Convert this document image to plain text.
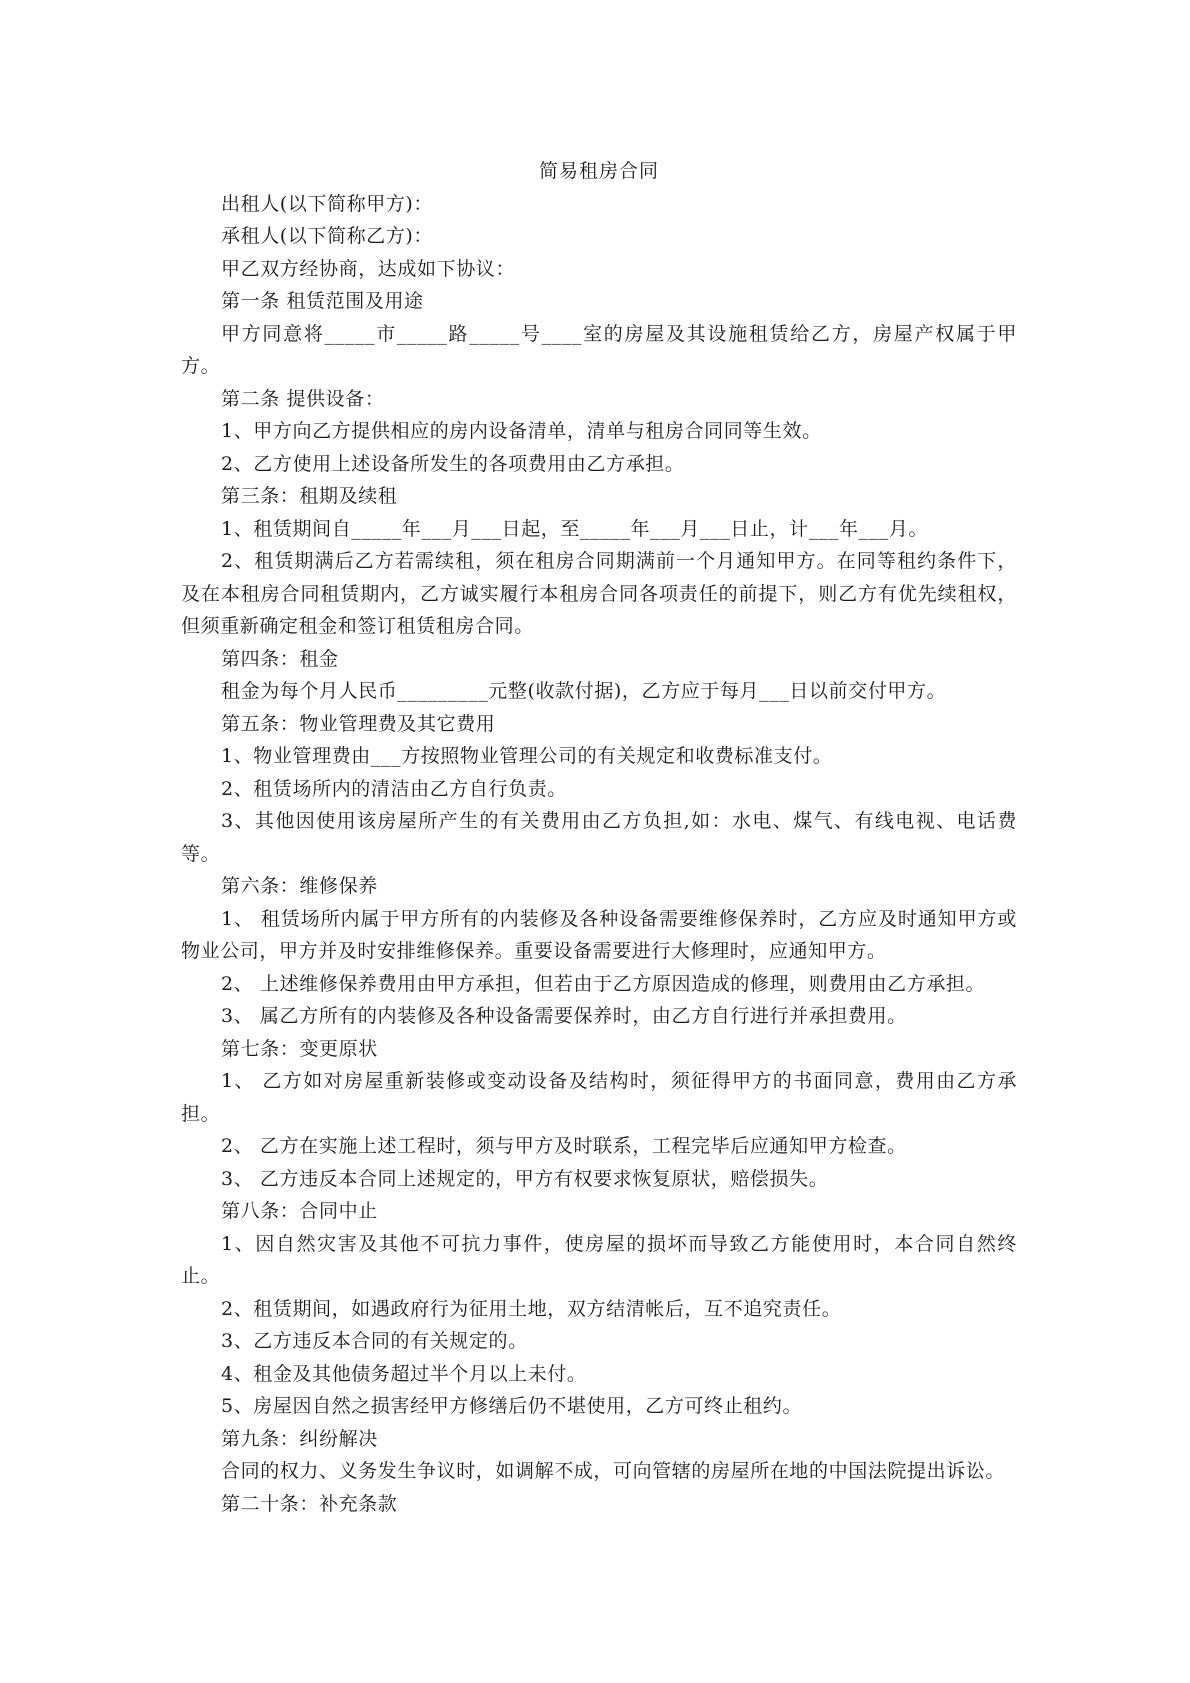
简易租房合同

出租人(以下简称甲方)：

承租人(以下简称乙方)：

甲乙双方经协商，达成如下协议：

第一条 租赁范围及用途

甲方同意将_____市_____路_____号____室的房屋及其设施租赁给乙方，房屋产权属于甲方。

第二条 提供设备：

1、甲方向乙方提供相应的房内设备清单，清单与租房合同同等生效。

2、乙方使用上述设备所发生的各项费用由乙方承担。

第三条：租期及续租

1、租赁期间自_____年___月___日起，至_____年___月___日止，计___年___月。

2、租赁期满后乙方若需续租，须在租房合同期满前一个月通知甲方。在同等租约条件下，及在本租房合同租赁期内，乙方诚实履行本租房合同各项责任的前提下，则乙方有优先续租权，但须重新确定租金和签订租赁租房合同。

第四条：租金

租金为每个月人民币_________元整(收款付据)，乙方应于每月___日以前交付甲方。

第五条：物业管理费及其它费用

1、物业管理费由___方按照物业管理公司的有关规定和收费标准支付。

2、租赁场所内的清洁由乙方自行负责。

3、其他因使用该房屋所产生的有关费用由乙方负担,如：水电、煤气、有线电视、电话费等。

第六条：维修保养

1、 租赁场所内属于甲方所有的内装修及各种设备需要维修保养时，乙方应及时通知甲方或物业公司，甲方并及时安排维修保养。重要设备需要进行大修理时，应通知甲方。

2、 上述维修保养费用由甲方承担，但若由于乙方原因造成的修理，则费用由乙方承担。

3、 属乙方所有的内装修及各种设备需要保养时，由乙方自行进行并承担费用。

第七条：变更原状

1、 乙方如对房屋重新装修或变动设备及结构时，须征得甲方的书面同意，费用由乙方承担。

2、 乙方在实施上述工程时，须与甲方及时联系，工程完毕后应通知甲方检查。

3、 乙方违反本合同上述规定的，甲方有权要求恢复原状，赔偿损失。

第八条：合同中止

1、因自然灾害及其他不可抗力事件，使房屋的损坏而导致乙方能使用时，本合同自然终止。

2、租赁期间，如遇政府行为征用土地，双方结清帐后，互不追究责任。

3、乙方违反本合同的有关规定的。

4、租金及其他债务超过半个月以上未付。

5、房屋因自然之损害经甲方修缮后仍不堪使用，乙方可终止租约。

第九条：纠纷解决

合同的权力、义务发生争议时，如调解不成，可向管辖的房屋所在地的中国法院提出诉讼。

第二十条：补充条款
